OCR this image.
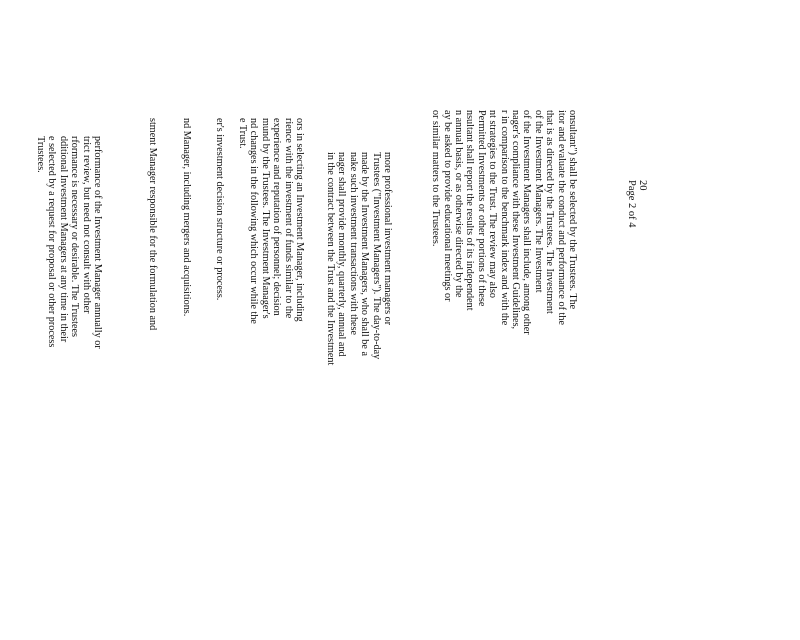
20
Page 2 of 4
onsultant") shall be selected by the Trustees. The
itor and evaluate the conduct and performance of the
that is as directed by the Trustees. The Investment
of the Investment Managers. The Investment
of the Investment Managers shall include, among other
nager's compliance with these Investment Guidelines,
r in comparison to the benchmark index and with the
nt strategies to the Trust. The review may also
Permitted Investments or other portions of these
nsultant shall report the results of its independent
n annual basis, or as otherwise directed by the
ay be asked to provide educational meetings or
or similar matters to the Trustees.
more professional investment managers or
Trustees ("Investment Managers"). The day-to-day
made by the Investment Managers, who shall be a
nake such investment transactions with these
nager shall provide monthly, quarterly, annual and
in the contract between the Trust and the Investment
ors in selecting an Investment Manager, including
rience with the investment of funds similar to the
experience and reputation of personnel; decision
mund by the Trustees. The Investment Manager's
nd changes in the following which occur while the
e Trust.
er's investment decision structure or process.
nd Manager, including mergers and acquisitions.
stment Manager responsible for the formulation and
performance of the Investment Manager annually or
trict review, but need not consult with other
rformance is necessary or desirable. The Trustees
dditional Investment Managers at any time in their
e selected by a request for proposal or other process
Trustees.
